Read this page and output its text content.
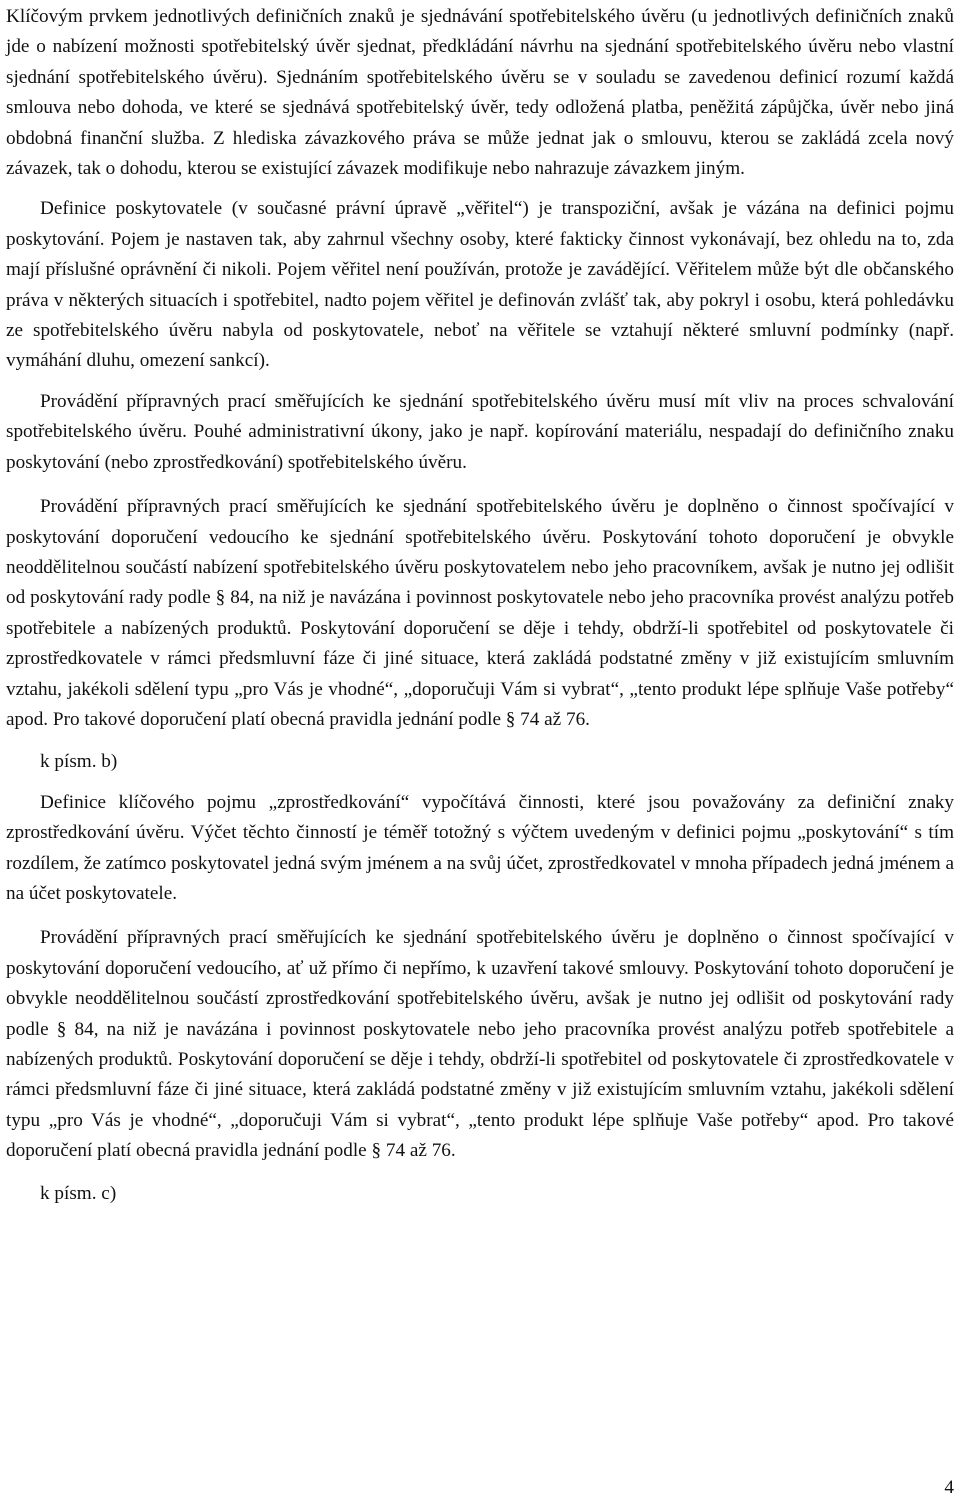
Klíčovým prvkem jednotlivých definičních znaků je sjednávání spotřebitelského úvěru (u jednotlivých definičních znaků jde o nabízení možnosti spotřebitelský úvěr sjednat, předkládání návrhu na sjednání spotřebitelského úvěru nebo vlastní sjednání spotřebitelského úvěru). Sjednáním spotřebitelského úvěru se v souladu se zavedenou definicí rozumí každá smlouva nebo dohoda, ve které se sjednává spotřebitelský úvěr, tedy odložená platba, peněžitá zápůjčka, úvěr nebo jiná obdobná finanční služba. Z hlediska závazkového práva se může jednat jak o smlouvu, kterou se zakládá zcela nový závazek, tak o dohodu, kterou se existující závazek modifikuje nebo nahrazuje závazkem jiným.

Definice poskytovatele (v současné právní úpravě „věřitel“) je transpoziční, avšak je vázána na definici pojmu poskytování. Pojem je nastaven tak, aby zahrnul všechny osoby, které fakticky činnost vykonávají, bez ohledu na to, zda mají příslušné oprávnění či nikoli. Pojem věřitel není používán, protože je zavádějící. Věřitelem může být dle občanského práva v některých situacích i spotřebitel, nadto pojem věřitel je definován zvlášť tak, aby pokryl i osobu, která pohledávku ze spotřebitelského úvěru nabyla od poskytovatele, neboť na věřitele se vztahují některé smluvní podmínky (např. vymáhání dluhu, omezení sankcí).

Provádění přípravných prací směřujících ke sjednání spotřebitelského úvěru musí mít vliv na proces schvalování spotřebitelského úvěru. Pouhé administrativní úkony, jako je např. kopírování materiálu, nespadají do definičního znaku poskytování (nebo zprostředkování) spotřebitelského úvěru.

Provádění přípravných prací směřujících ke sjednání spotřebitelského úvěru je doplněno o činnost spočívající v poskytování doporučení vedoucího ke sjednání spotřebitelského úvěru. Poskytování tohoto doporučení je obvykle neoddělitelnou součástí nabízení spotřebitelského úvěru poskytovatelem nebo jeho pracovníkem, avšak je nutno jej odlišit od poskytování rady podle § 84, na niž je navázána i povinnost poskytovatele nebo jeho pracovníka provést analýzu potřeb spotřebitele a nabízených produktů. Poskytování doporučení se děje i tehdy, obdrží-li spotřebitel od poskytovatele či zprostředkovatele v rámci předsmluvní fáze či jiné situace, která zakládá podstatné změny v již existujícím smluvním vztahu, jakékoli sdělení typu „pro Vás je vhodné“, „doporučuji Vám si vybrat“, „tento produkt lépe splňuje Vaše potřeby“ apod. Pro takové doporučení platí obecná pravidla jednání podle § 74 až 76.

k písm. b)

Definice klíčového pojmu „zprostředkování“ vypočítává činnosti, které jsou považovány za definiční znaky zprostředkování úvěru. Výčet těchto činností je téměř totožný s výčtem uvedeným v definici pojmu „poskytování“ s tím rozdílem, že zatímco poskytovatel jedná svým jménem a na svůj účet, zprostředkovatel v mnoha případech jedná jménem a na účet poskytovatele.

Provádění přípravných prací směřujících ke sjednání spotřebitelského úvěru je doplněno o činnost spočívající v poskytování doporučení vedoucího, ať už přímo či nepřímo, k uzavření takové smlouvy. Poskytování tohoto doporučení je obvykle neoddělitelnou součástí zprostředkování spotřebitelského úvěru, avšak je nutno jej odlišit od poskytování rady podle § 84, na niž je navázána i povinnost poskytovatele nebo jeho pracovníka provést analýzu potřeb spotřebitele a nabízených produktů. Poskytování doporučení se děje i tehdy, obdrží-li spotřebitel od poskytovatele či zprostředkovatele v rámci předsmluvní fáze či jiné situace, která zakládá podstatné změny v již existujícím smluvním vztahu, jakékoli sdělení typu „pro Vás je vhodné“, „doporučuji Vám si vybrat“, „tento produkt lépe splňuje Vaše potřeby“ apod. Pro takové doporučení platí obecná pravidla jednání podle § 74 až 76.

k písm. c)

4
